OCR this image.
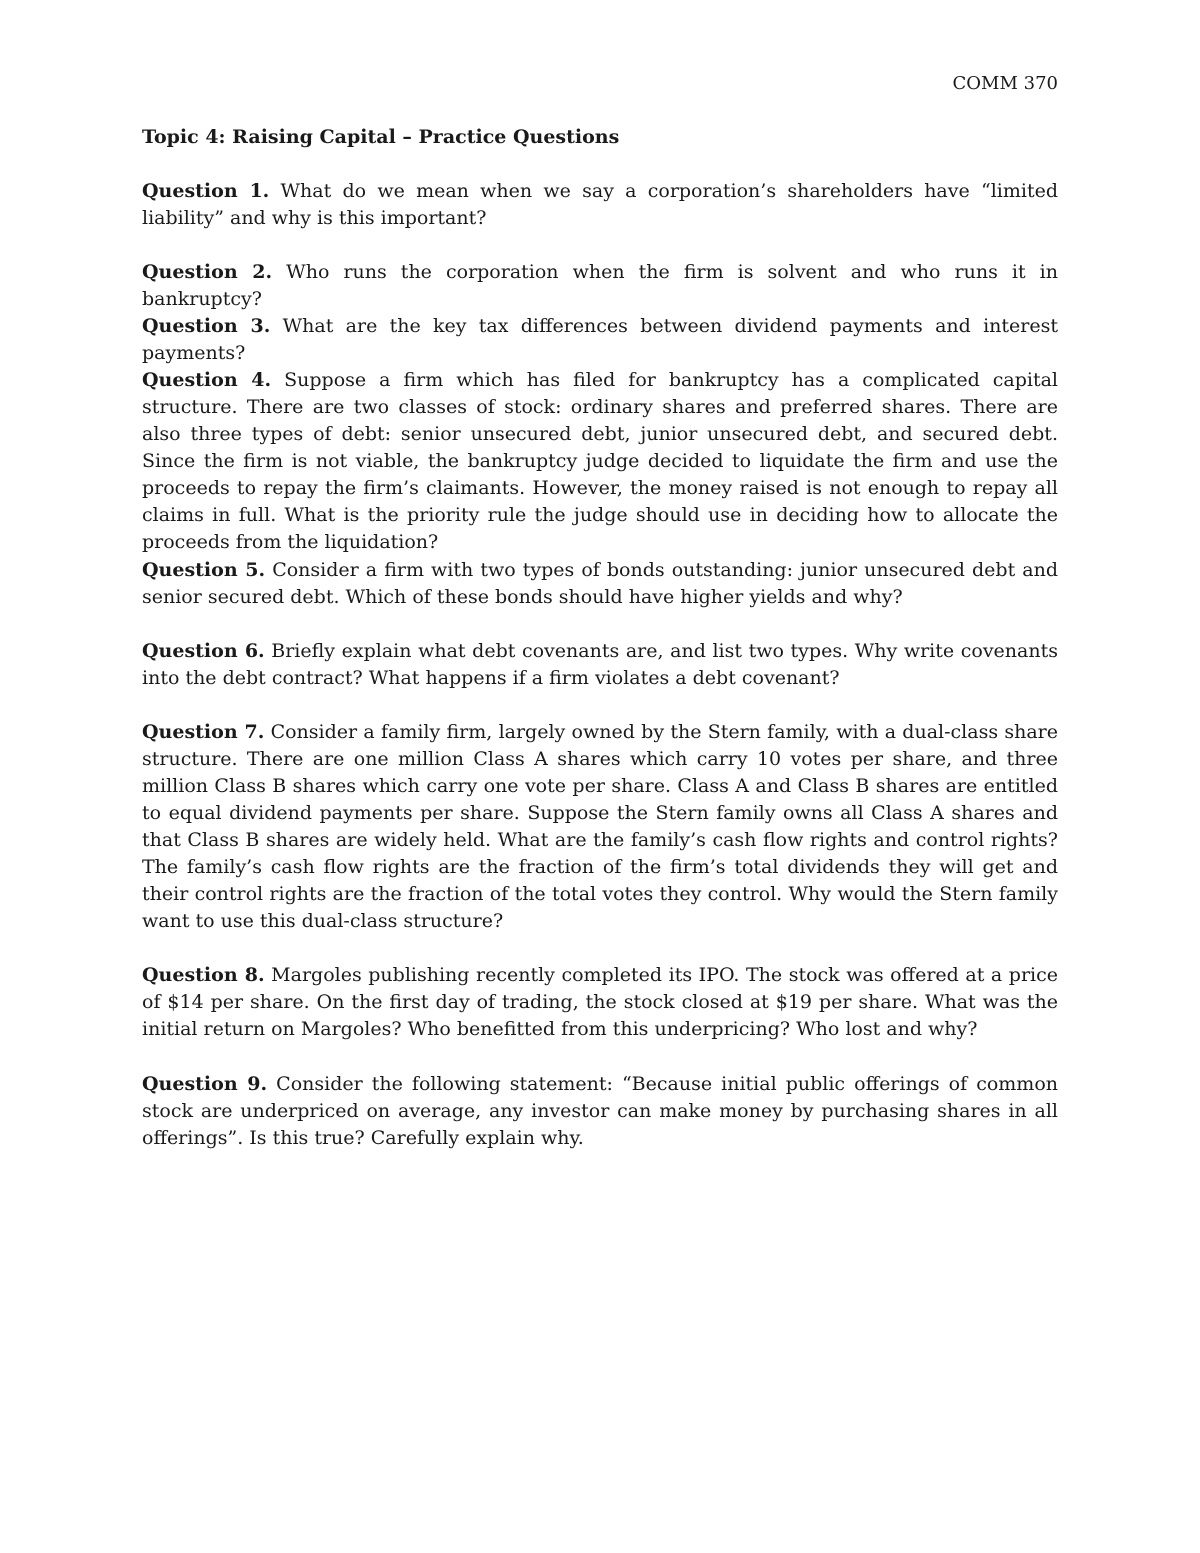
COMM 370
Topic 4: Raising Capital – Practice Questions

Question 1. What do we mean when we say a corporation’s shareholders have “limited liability” and why is this important?

Question 2. Who runs the corporation when the firm is solvent and who runs it in bankruptcy?

Question 3. What are the key tax differences between dividend payments and interest payments?

Question 4. Suppose a firm which has filed for bankruptcy has a complicated capital structure. There are two classes of stock: ordinary shares and preferred shares. There are also three types of debt: senior unsecured debt, junior unsecured debt, and secured debt. Since the firm is not viable, the bankruptcy judge decided to liquidate the firm and use the proceeds to repay the firm’s claimants. However, the money raised is not enough to repay all claims in full. What is the priority rule the judge should use in deciding how to allocate the proceeds from the liquidation?

Question 5. Consider a firm with two types of bonds outstanding: junior unsecured debt and senior secured debt. Which of these bonds should have higher yields and why?

Question 6. Briefly explain what debt covenants are, and list two types. Why write covenants into the debt contract? What happens if a firm violates a debt covenant?

Question 7. Consider a family firm, largely owned by the Stern family, with a dual-class share structure. There are one million Class A shares which carry 10 votes per share, and three million Class B shares which carry one vote per share. Class A and Class B shares are entitled to equal dividend payments per share. Suppose the Stern family owns all Class A shares and that Class B shares are widely held. What are the family’s cash flow rights and control rights? The family’s cash flow rights are the fraction of the firm’s total dividends they will get and their control rights are the fraction of the total votes they control. Why would the Stern family want to use this dual-class structure?

Question 8. Margoles publishing recently completed its IPO. The stock was offered at a price of $14 per share. On the first day of trading, the stock closed at $19 per share. What was the initial return on Margoles? Who benefitted from this underpricing? Who lost and why?

Question 9. Consider the following statement: “Because initial public offerings of common stock are underpriced on average, any investor can make money by purchasing shares in all offerings”. Is this true? Carefully explain why.
